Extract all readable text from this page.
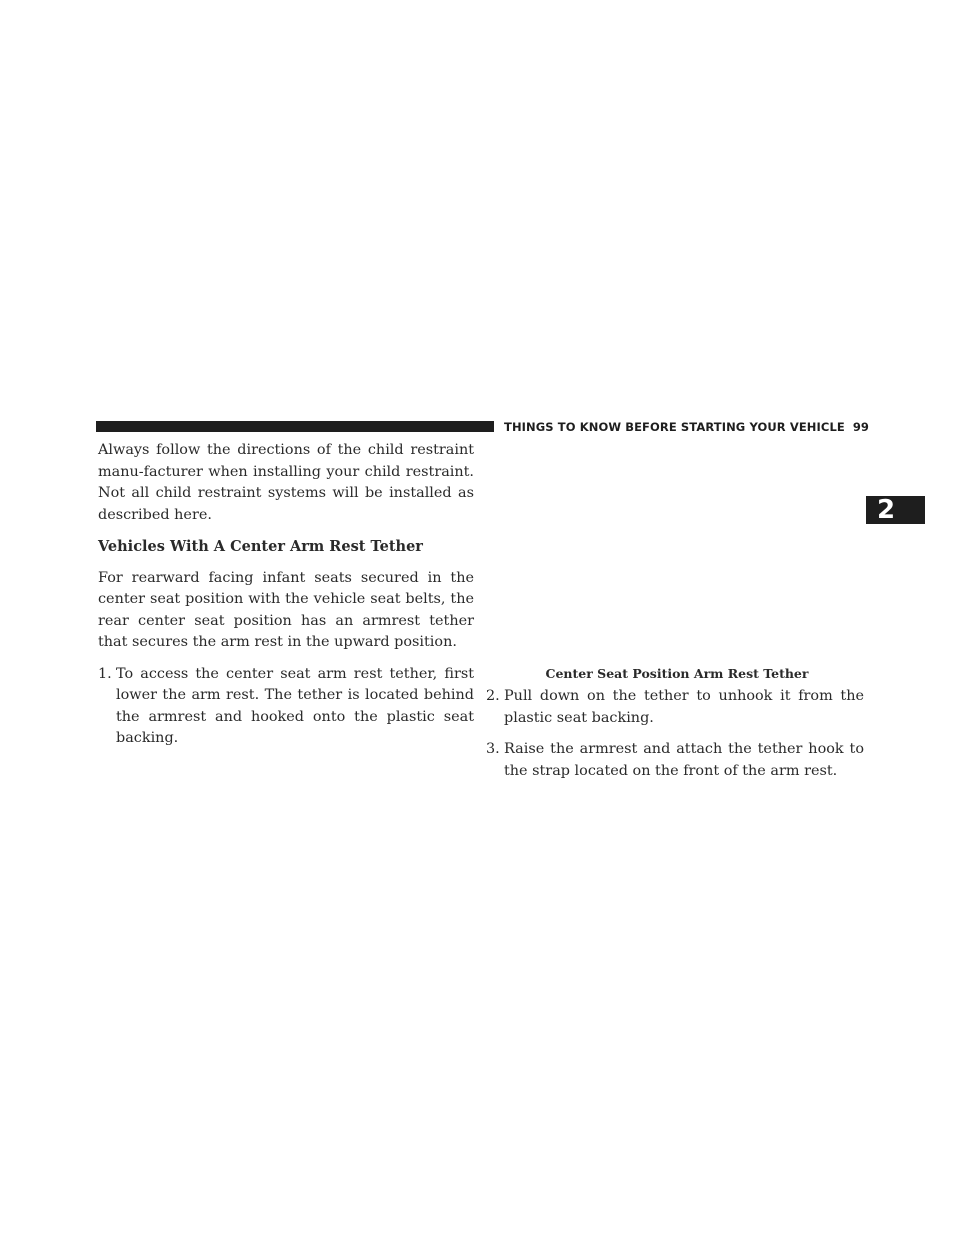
THINGS TO KNOW BEFORE STARTING YOUR VEHICLE 99
2

Always follow the directions of the child restraint manu-facturer when installing your child restraint. Not all child restraint systems will be installed as described here.

Vehicles With A Center Arm Rest Tether

For rearward facing infant seats secured in the center seat position with the vehicle seat belts, the rear center seat position has an armrest tether that secures the arm rest in the upward position.

1. To access the center seat arm rest tether, first lower the arm rest. The tether is located behind the armrest and hooked onto the plastic seat backing.
Center Seat Position Arm Rest Tether
2. Pull down on the tether to unhook it from the plastic seat backing.
3. Raise the armrest and attach the tether hook to the strap located on the front of the arm rest.
